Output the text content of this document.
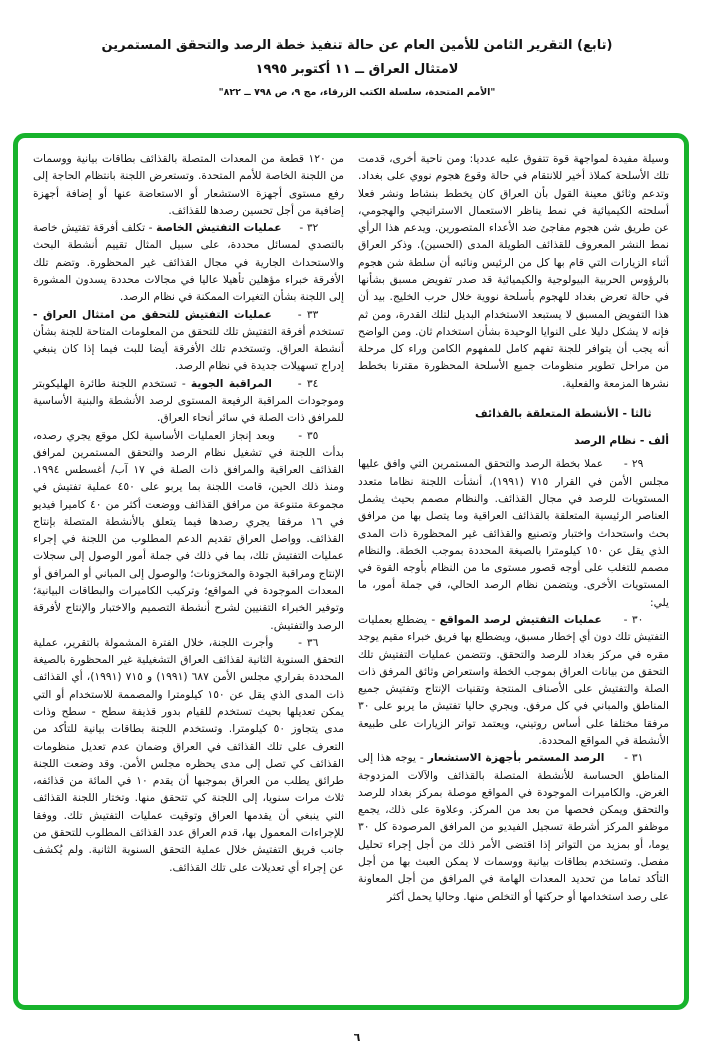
(تابع) التقرير الثامن للأمين العام عن حالة تنفيذ خطة الرصد والتحقق المستمرين
لامتثال العراق ــ ١١ أكتوبر ١٩٩٥
"الأمم المتحدة، سلسلة الكتب الزرقاء، مج ٩، ص ٧٩٨ ــ ٨٢٢"

وسيلة مفيدة لمواجهة قوة تتفوق عليه عدديا: ومن ناحية أخرى، قدمت تلك الأسلحة كملاذ أخير للانتقام في حالة وقوع هجوم نووي على بغداد. وتدعم وثائق معينة القول بأن العراق كان يخطط بنشاط ونشر فعلا أسلحته الكيميائية في نمط يناظر الاستعمال الاستراتيجي والهجومي، عن طريق شن هجوم مفاجئ ضد الأعداء المتصورين. ويدعم هذا الرأي نمط النشر المعروف للقذائف الطويلة المدى (الحسين). وذكر العراق أثناء الزيارات التي قام بها كل من الرئيس ونائبه أن سلطة شن هجوم بالرؤوس الحربية البيولوجية والكيميائية قد صدر تفويض مسبق بشأنها في حالة تعرض بغداد للهجوم بأسلحة نووية خلال حرب الخليج. بيد أن هذا التفويض المسبق لا يستبعد الاستخدام البديل لتلك القدرة، ومن ثم فإنه لا يشكل دليلا على النوايا الوحيدة بشأن استخدام ثان. ومن الواضح أنه يجب أن يتوافر للجنة تفهم كامل للمفهوم الكامن وراء كل مرحلة من مراحل تطوير منظومات جميع الأسلحة المحظورة مقترنا بخطط نشرها المزمعة والفعلية.

ثالثا - الأنشطة المتعلقة بالقذائف
ألف - نظام الرصد

٢٩ - عملا بخطة الرصد والتحقق المستمرين التي وافق عليها مجلس الأمن في القرار ٧١٥ (١٩٩١)، أنشأت اللجنة نظاما متعدد المستويات للرصد في مجال القذائف. والنظام مصمم بحيث يشمل العناصر الرئيسية المتعلقة بالقذائف العراقية وما يتصل بها من مرافق بحث واستحداث واختبار وتصنيع والقذائف غير المحظورة ذات المدى الذي يقل عن ١٥٠ كيلومترا بالصيغة المحددة بموجب الخطة. والنظام مصمم للتغلب على أوجه قصور مستوى ما من النظام بأوجه القوة في المستويات الأخرى. ويتضمن نظام الرصد الحالي، في جملة أمور، ما يلي:

٣٠ - عمليات التفتيش لرصد المواقع - يضطلع بعمليات التفتيش تلك دون أي إخطار مسبق، ويضطلع بها فريق خبراء مقيم يوجد مقره في مركز بغداد للرصد والتحقق. وتتضمن عمليات التفتيش تلك التحقق من بيانات العراق بموجب الخطة واستعراض وثائق المرفق ذات الصلة والتفتيش على الأصناف المنتجة وتقنيات الإنتاج وتفتيش جميع المناطق والمباني في كل مرفق. ويجري حاليا تفتيش ما يربو على ٣٠ مرفقا مختلفا على أساس روتيني، ويعتمد تواتر الزيارات على طبيعة الأنشطة في المواقع المحددة.

٣١ - الرصد المستمر بأجهزة الاستشعار - يوجه هذا إلى المناطق الحساسة للأنشطة المتصلة بالقذائف والآلات المزدوجة الغرض. والكاميرات الموجودة في المواقع موصلة بمركز بغداد للرصد والتحقق ويمكن فحصها من بعد من المركز. وعلاوة على ذلك، يجمع موظفو المركز أشرطة تسجيل الفيديو من المرافق المرصودة كل ٣٠ يوما، أو بمزيد من التواتر إذا اقتضى الأمر ذلك من أجل إجراء تحليل مفصل. وتستخدم بطاقات بيانية ووسمات لا يمكن العبث بها من أجل التأكد تماما من تحديد المعدات الهامة في المرافق من أجل المعاونة على رصد استخدامها أو حركتها أو التخلص منها. وحاليا يحمل أكثر

من ١٢٠ قطعة من المعدات المتصلة بالقذائف بطاقات بيانية ووسمات من اللجنة الخاصة للأمم المتحدة. وتستعرض اللجنة بانتظام الحاجة إلى رفع مستوى أجهزة الاستشعار أو الاستعاضة عنها أو إضافة أجهزة إضافية من أجل تحسين رصدها للقذائف.

٣٢ - عمليات التفتيش الخاصة - تكلف أفرقة تفتيش خاصة بالتصدي لمسائل محددة، على سبيل المثال تقييم أنشطة البحث والاستحداث الجارية في مجال القذائف غير المحظورة. وتضم تلك الأفرقة خبراء مؤهلين تأهيلا عاليا في مجالات محددة يسدون المشورة إلى اللجنة بشأن التغيرات الممكنة في نظام الرصد.

٣٣ - عمليات التفتيش للتحقق من امتثال العراق - تستخدم أفرقة التفتيش تلك للتحقق من المعلومات المتاحة للجنة بشأن أنشطة العراق. وتستخدم تلك الأفرقة أيضا للبت فيما إذا كان ينبغي إدراج تسهيلات جديدة في نظام الرصد.

٣٤ - المراقبة الجوية - تستخدم اللجنة طائرة الهليكوبتر وموجودات المراقبة الرفيعة المستوى لرصد الأنشطة والبنية الأساسية للمرافق ذات الصلة في سائر أنحاء العراق.

٣٥ - وبعد إنجاز العمليات الأساسية لكل موقع يجري رصده، بدأت اللجنة في تشغيل نظام الرصد والتحقق المستمرين لمرافق القذائف العراقية والمرافق ذات الصلة في ١٧ آب/ أغسطس ١٩٩٤. ومنذ ذلك الحين، قامت اللجنة بما يربو على ٤٥٠ عملية تفتيش في مجموعة متنوعة من مرافق القذائف ووضعت أكثر من ٤٠ كاميرا فيديو في ١٦ مرفقا يجري رصدها فيما يتعلق بالأنشطة المتصلة بإنتاج القذائف. وواصل العراق تقديم الدعم المطلوب من اللجنة في إجراء عمليات التفتيش تلك، بما في ذلك في جملة أمور الوصول إلى سجلات الإنتاج ومراقبة الجودة والمخزونات؛ والوصول إلى المباني أو المرافق أو المعدات الموجودة في المواقع؛ وتركيب الكاميرات والبطاقات البيانية؛ وتوفير الخبراء التقنيين لشرح أنشطة التصميم والاختبار والإنتاج لأفرقة الرصد والتفتيش.

٣٦ - وأجرت اللجنة، خلال الفترة المشمولة بالتقرير، عملية التحقق السنوية الثانية لقذائف العراق التشغيلية غير المحظورة بالصيغة المحددة بقراري مجلس الأمن ٦٨٧ (١٩٩١) و ٧١٥ (١٩٩١)، أي القذائف ذات المدى الذي يقل عن ١٥٠ كيلومترا والمصممة للاستخدام أو التي يمكن تعديلها بحيث تستخدم للقيام بدور قذيفة سطح - سطح وذات مدى يتجاوز ٥٠ كيلومترا. وتستخدم اللجنة بطاقات بيانية للتأكد من التعرف على تلك القذائف في العراق وضمان عدم تعديل منظومات القذائف كي تصل إلى مدى يحظره مجلس الأمن. وقد وضعت اللجنة طرائق يطلب من العراق بموجبها أن يقدم ١٠ في المائة من قذائفه، ثلاث مرات سنويا، إلى اللجنة كي تتحقق منها. وتختار اللجنة القذائف التي ينبغي أن يقدمها العراق وتوقيت عمليات التفتيش تلك. ووفقا للإجراءات المعمول بها، قدم العراق عدد القذائف المطلوب للتحقق من جانب فريق التفتيش خلال عملية التحقق السنوية الثانية. ولم يُكشف عن إجراء أي تعديلات على تلك القذائف.

٦
